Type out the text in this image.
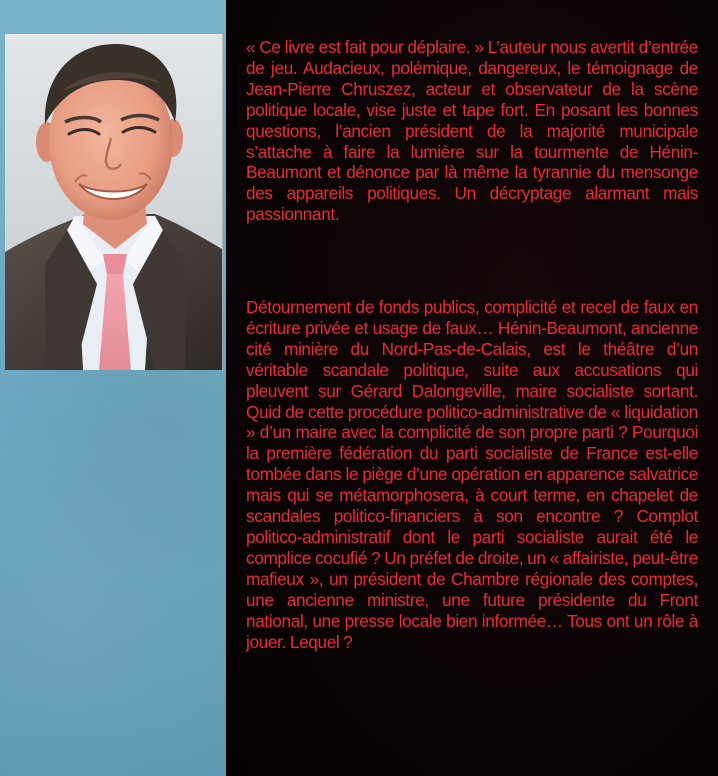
« Ce livre est fait pour déplaire. » L’auteur nous avertit d’entrée de jeu. Audacieux, polémique, dangereux, le témoignage de Jean-Pierre Chruszez, acteur et observateur de la scène politique locale, vise juste et tape fort. En posant les bonnes questions, l’ancien président de la majorité municipale s’attache à faire la lumière sur la tourmente de Hénin-Beaumont et dénonce par là même la tyrannie du mensonge des appareils politiques. Un décryptage alarmant mais passionnant.

Détournement de fonds publics, complicité et recel de faux en écriture privée et usage de faux… Hénin-Beaumont, ancienne cité minière du Nord-Pas-de-Calais, est le théâtre d’un véritable scandale politique, suite aux accusations qui pleuvent sur Gérard Dalongeville, maire socialiste sortant. Quid de cette procédure politico-administrative de « liquidation » d’un maire avec la complicité de son propre parti ? Pourquoi la première fédération du parti socialiste de France est-elle tombée dans le piège d’une opération en apparence salvatrice mais qui se métamorphosera, à court terme, en chapelet de scandales politico-financiers à son encontre ? Complot politico-administratif dont le parti socialiste aurait été le complice cocufié ? Un préfet de droite, un « affairiste, peut-être mafieux », un président de Chambre régionale des comptes, une ancienne ministre, une future présidente du Front national, une presse locale bien informée… Tous ont un rôle à jouer. Lequel ?
